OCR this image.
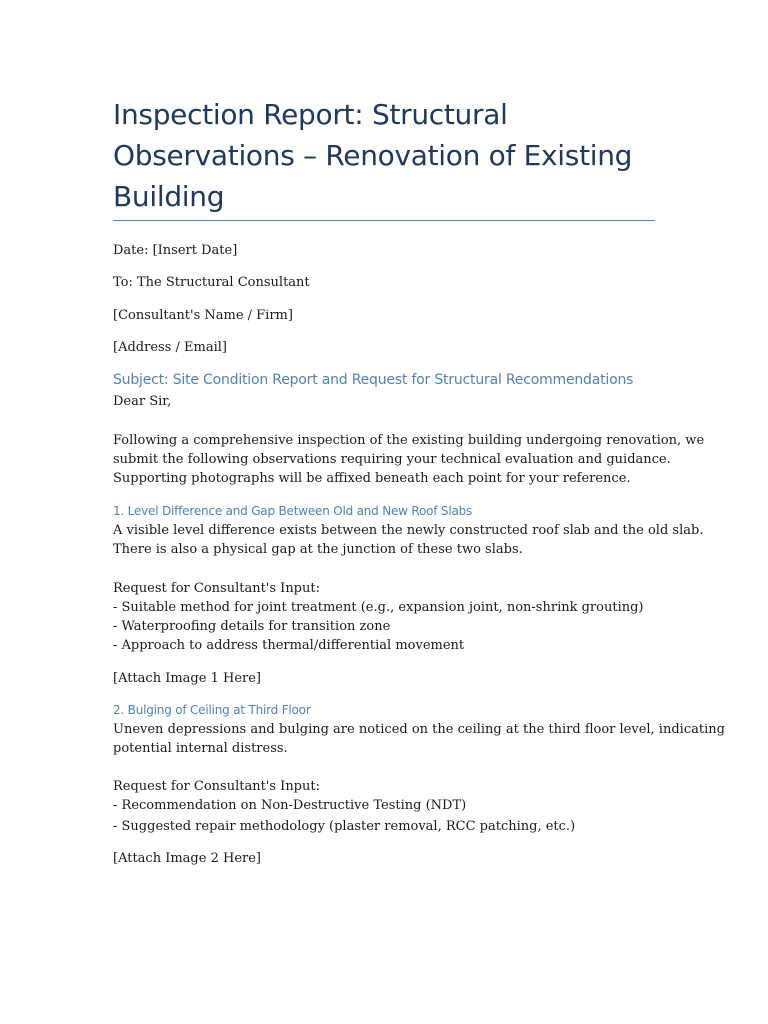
Inspection Report: Structural
Observations – Renovation of Existing
Building
Date: [Insert Date]
To: The Structural Consultant
[Consultant's Name / Firm]
[Address / Email]
Subject: Site Condition Report and Request for Structural Recommendations
Dear Sir,
Following a comprehensive inspection of the existing building undergoing renovation, we
submit the following observations requiring your technical evaluation and guidance.
Supporting photographs will be affixed beneath each point for your reference.
1. Level Difference and Gap Between Old and New Roof Slabs
A visible level difference exists between the newly constructed roof slab and the old slab.
There is also a physical gap at the junction of these two slabs.
Request for Consultant's Input:
- Suitable method for joint treatment (e.g., expansion joint, non-shrink grouting)
- Waterproofing details for transition zone
- Approach to address thermal/differential movement
[Attach Image 1 Here]
2. Bulging of Ceiling at Third Floor
Uneven depressions and bulging are noticed on the ceiling at the third floor level, indicating
potential internal distress.
Request for Consultant's Input:
- Recommendation on Non-Destructive Testing (NDT)
- Suggested repair methodology (plaster removal, RCC patching, etc.)
[Attach Image 2 Here]
